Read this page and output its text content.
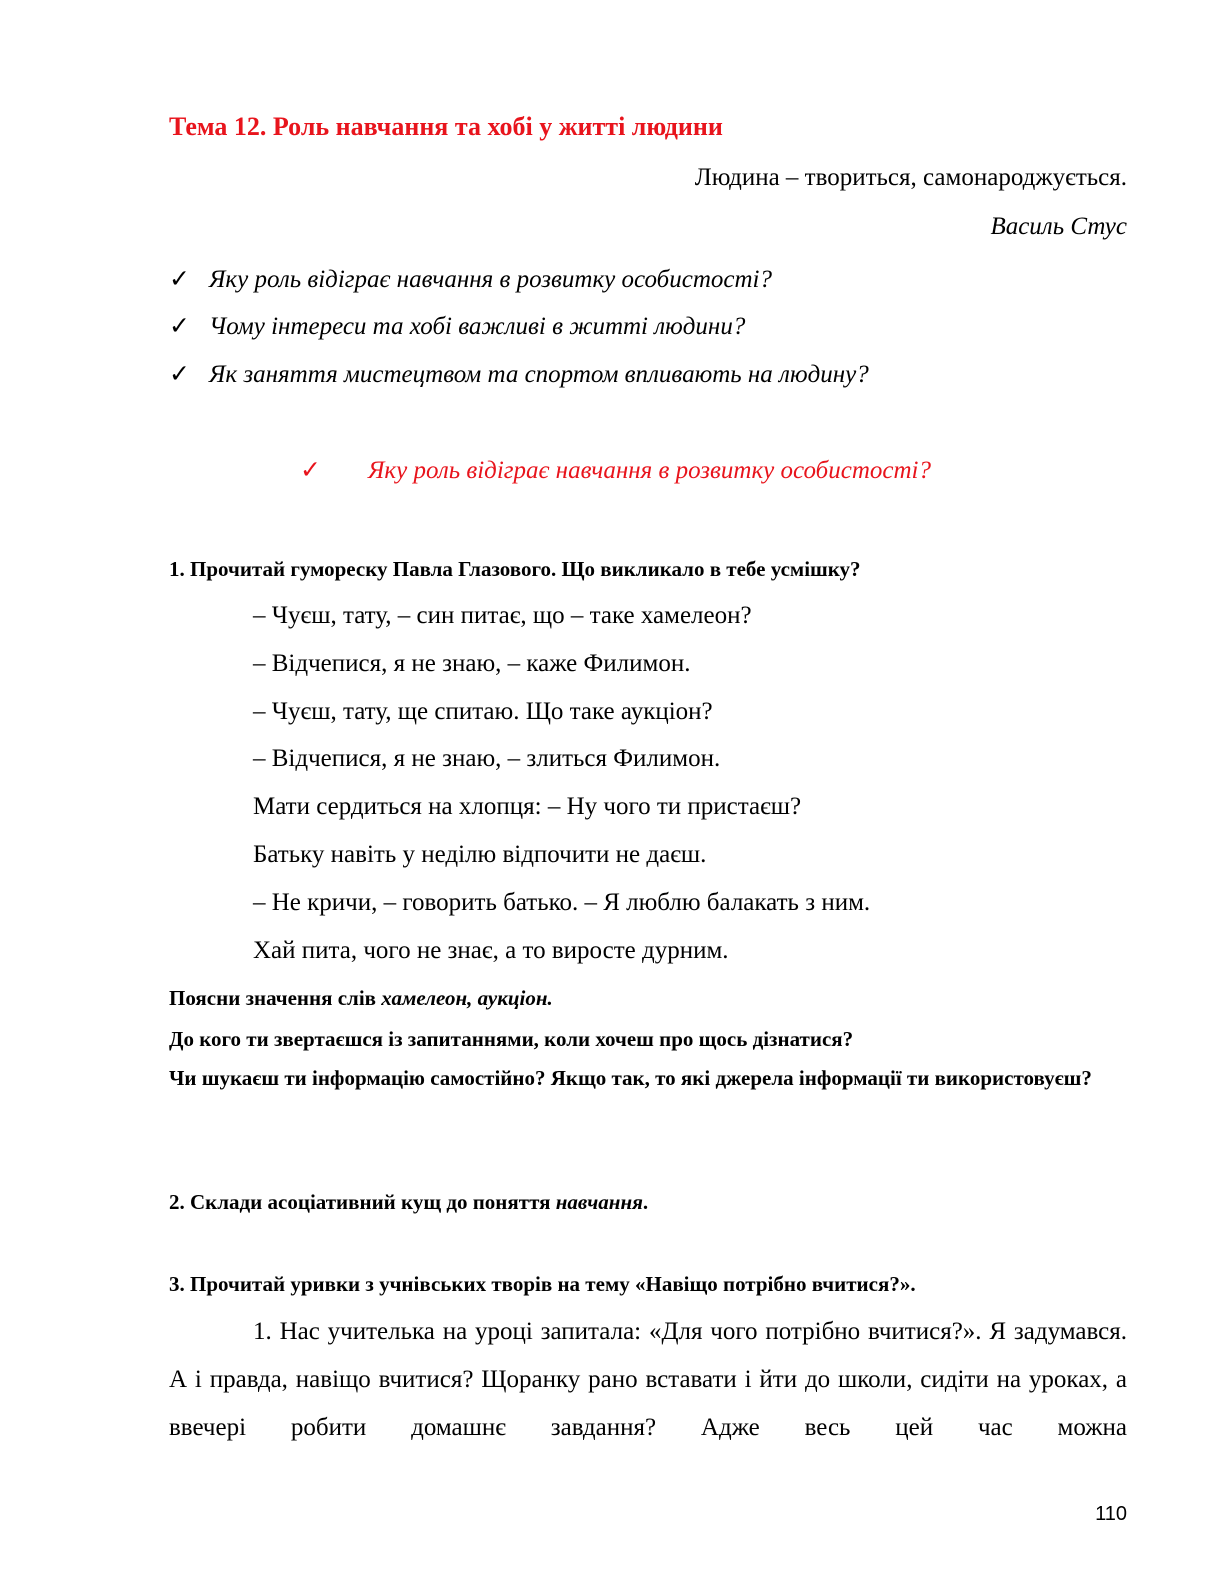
Тема 12. Роль навчання та хобі у житті людини
Людина – твориться, самонароджується.
Василь Стус
✓ Яку роль відіграє навчання в розвитку особистості?
✓ Чому інтереси та хобі важливі в житті людини?
✓ Як заняття мистецтвом та спортом впливають на людину?
✓ Яку роль відіграє навчання в розвитку особистості?
1. Прочитай гумореску Павла Глазового. Що викликало в тебе усмішку?
– Чуєш, тату, – син питає, що – таке хамелеон?
– Відчепися, я не знаю, – каже Филимон.
– Чуєш, тату, ще спитаю. Що таке аукціон?
– Відчепися, я не знаю, – злиться Филимон.
Мати сердиться на хлопця: – Ну чого ти пристаєш?
Батьку навіть у неділю відпочити не даєш.
– Не кричи, – говорить батько. – Я люблю балакать з ним.
Хай пита, чого не знає, а то виросте дурним.
Поясни значення слів хамелеон, аукціон.
До кого ти звертаєшся із запитаннями, коли хочеш про щось дізнатися?
Чи шукаєш ти інформацію самостійно? Якщо так, то які джерела інформації ти використовуєш?
2. Склади асоціативний кущ до поняття навчання.
3. Прочитай уривки з учнівських творів на тему «Навіщо потрібно вчитися?».
1. Нас учителька на уроці запитала: «Для чого потрібно вчитися?». Я задумався. А і правда, навіщо вчитися? Щоранку рано вставати і йти до школи, сидіти на уроках, а ввечері робити домашнє завдання? Адже весь цей час можна
110
